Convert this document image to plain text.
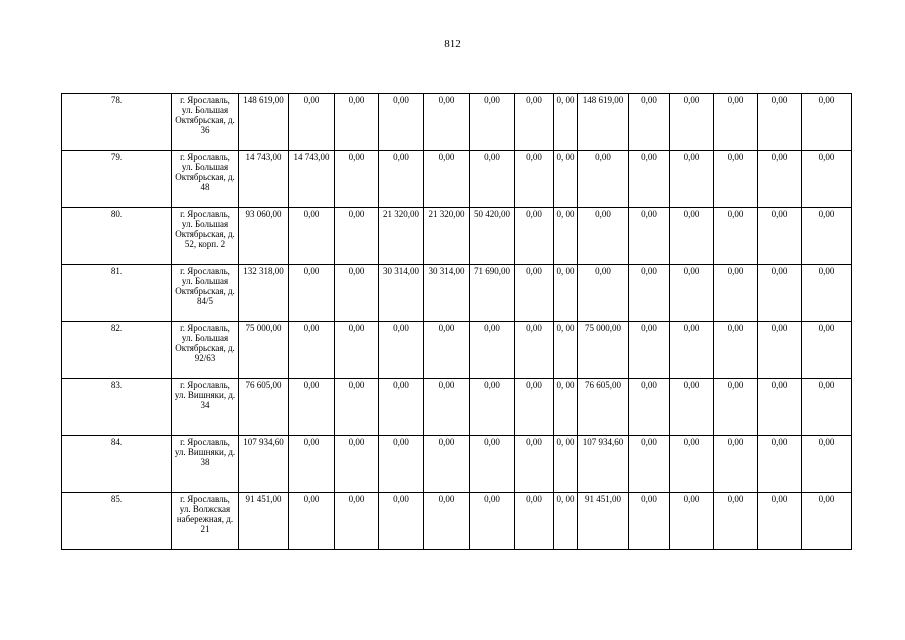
812
78.	г. Ярославль, ул. Большая Октябрьская, д. 36	148 619,00	0,00	0,00	0,00	0,00	0,00	0,00	0, 00	148 619,00	0,00	0,00	0,00	0,00	0,00
79.	г. Ярославль, ул. Большая Октябрьская, д. 48	14 743,00	14 743,00	0,00	0,00	0,00	0,00	0,00	0, 00	0,00	0,00	0,00	0,00	0,00	0,00
80.	г. Ярославль, ул. Большая Октябрьская, д. 52, корп. 2	93 060,00	0,00	0,00	21 320,00	21 320,00	50 420,00	0,00	0, 00	0,00	0,00	0,00	0,00	0,00	0,00
81.	г. Ярославль, ул. Большая Октябрьская, д. 84/5	132 318,00	0,00	0,00	30 314,00	30 314,00	71 690,00	0,00	0, 00	0,00	0,00	0,00	0,00	0,00	0,00
82.	г. Ярославль, ул. Большая Октябрьская, д. 92/63	75 000,00	0,00	0,00	0,00	0,00	0,00	0,00	0, 00	75 000,00	0,00	0,00	0,00	0,00	0,00
83.	г. Ярославль, ул. Вишняки, д. 34	76 605,00	0,00	0,00	0,00	0,00	0,00	0,00	0, 00	76 605,00	0,00	0,00	0,00	0,00	0,00
84.	г. Ярославль, ул. Вишняки, д. 38	107 934,60	0,00	0,00	0,00	0,00	0,00	0,00	0, 00	107 934,60	0,00	0,00	0,00	0,00	0,00
85.	г. Ярославль, ул. Волжская набережная, д. 21	91 451,00	0,00	0,00	0,00	0,00	0,00	0,00	0, 00	91 451,00	0,00	0,00	0,00	0,00	0,00
